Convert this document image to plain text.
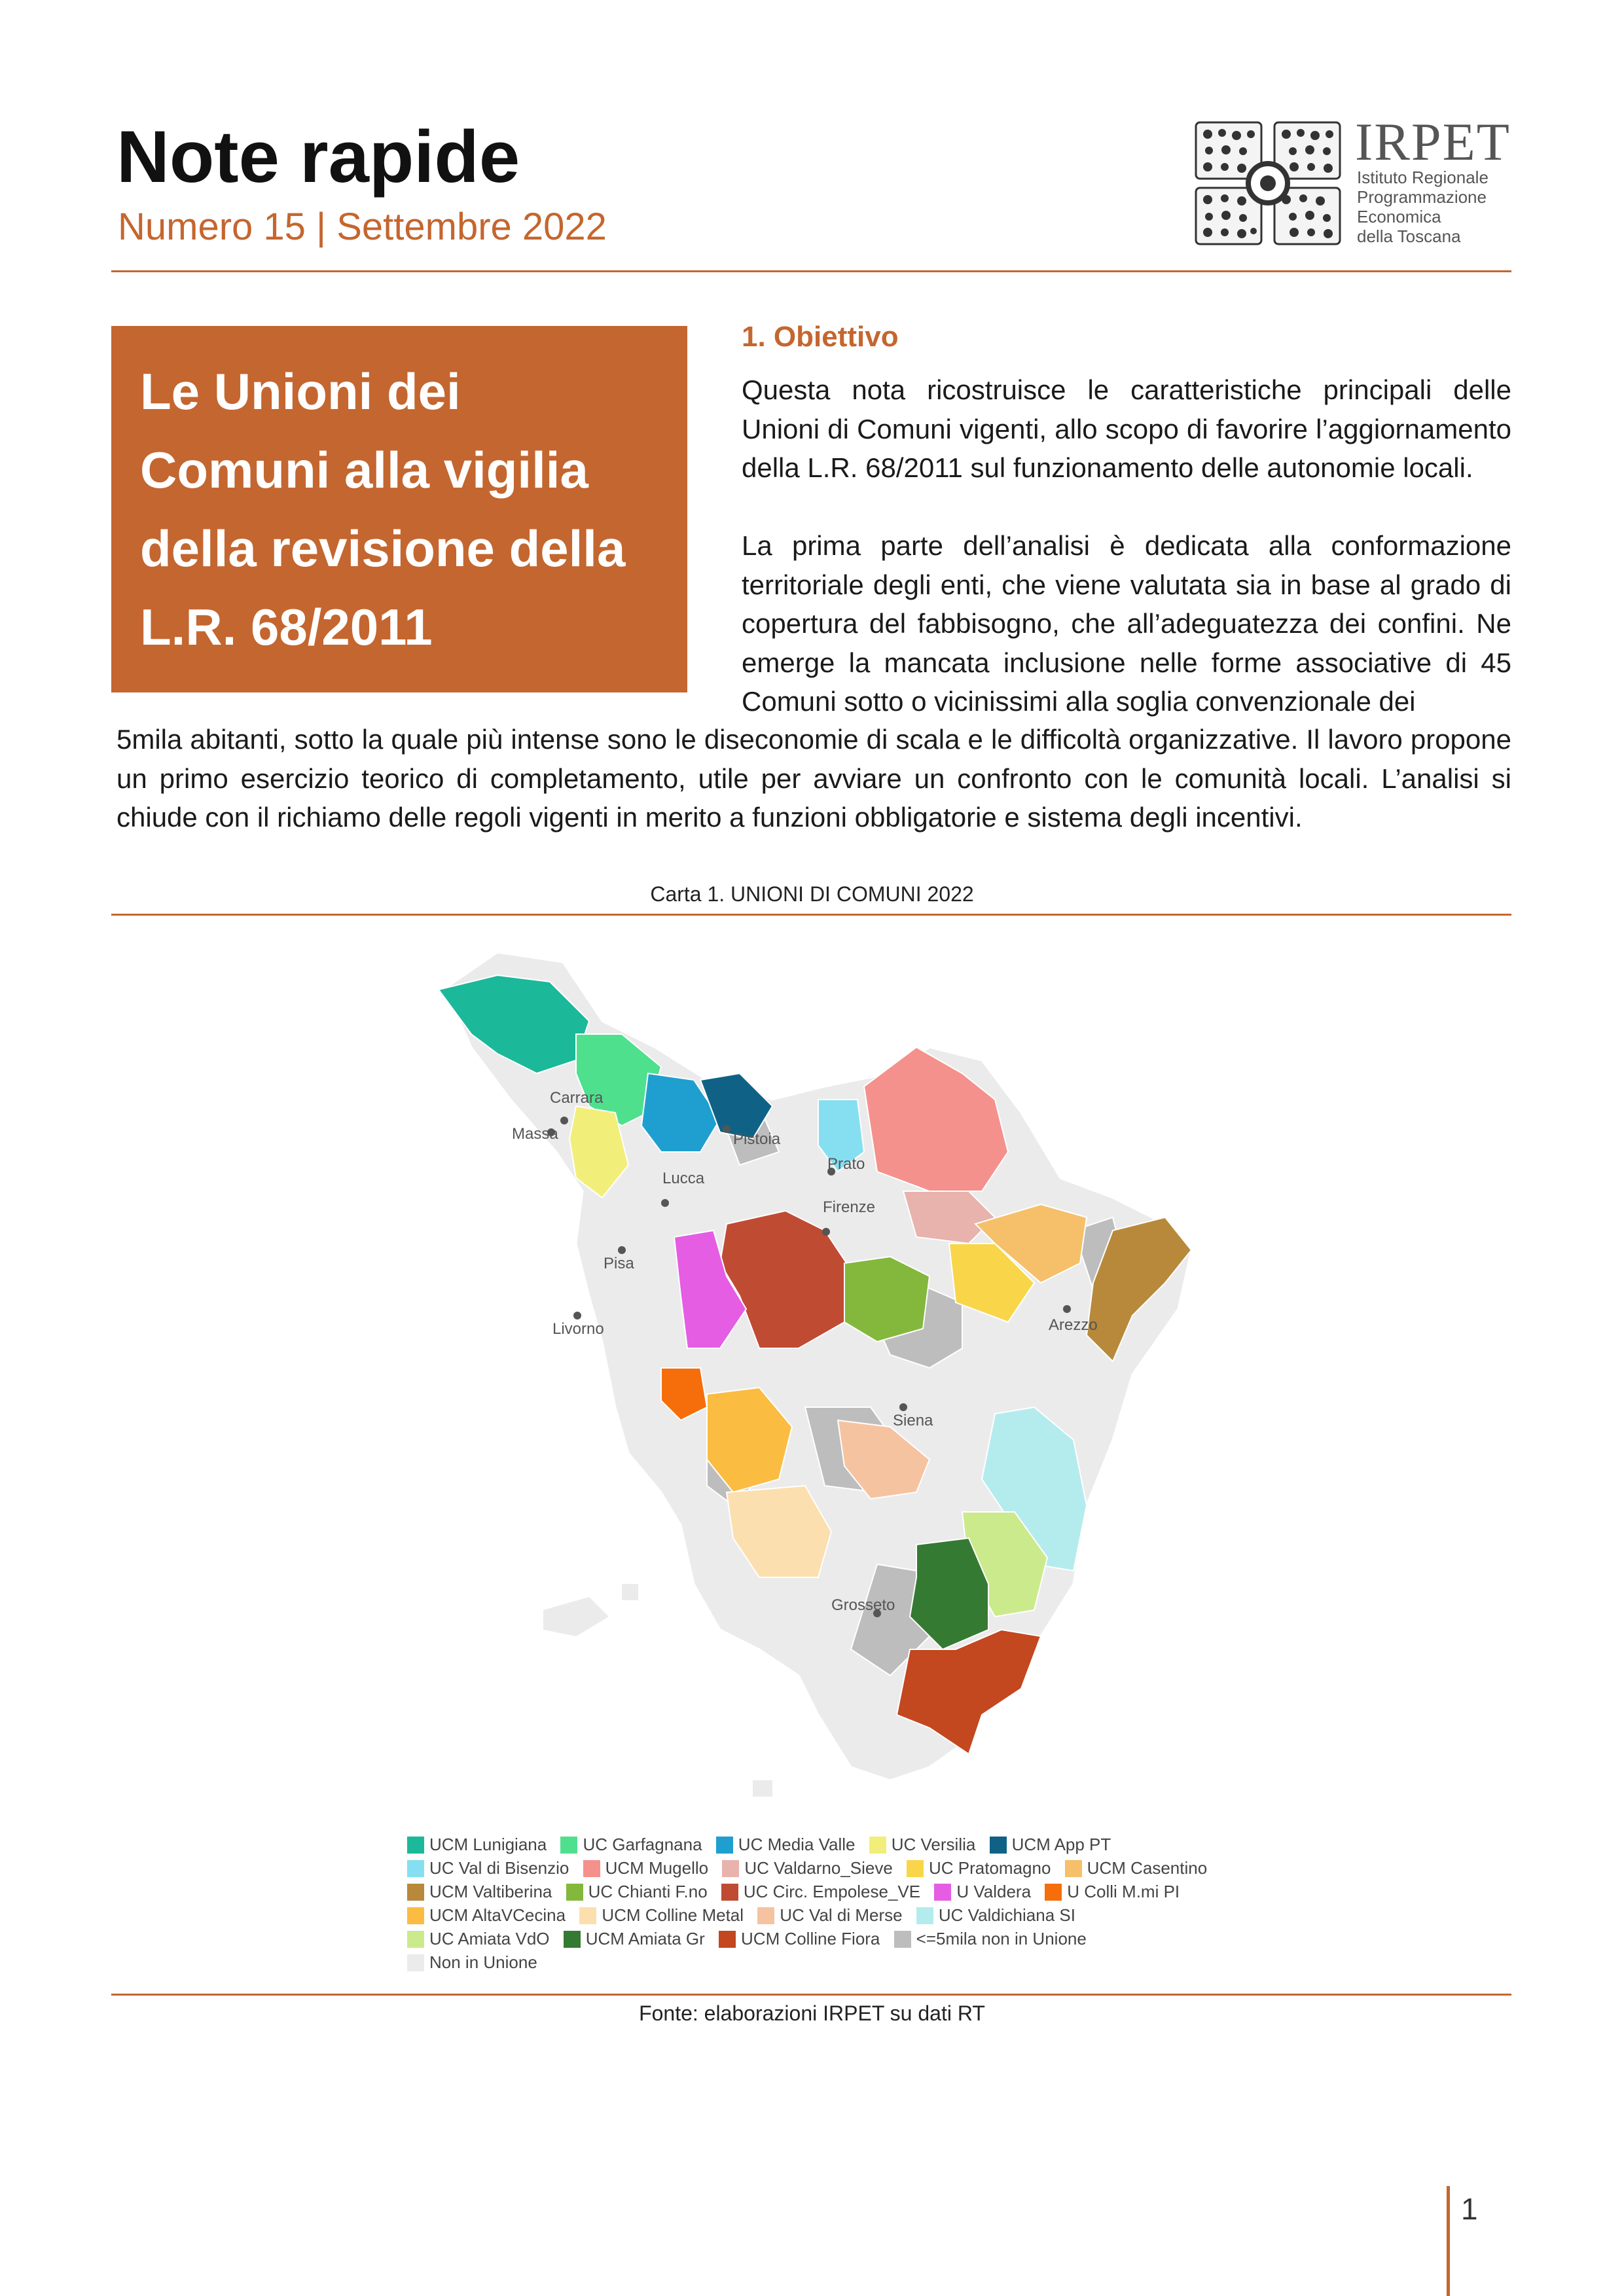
Note rapide
Numero 15 | Settembre 2022
IRPET
Istituto Regionale
Programmazione
Economica
della Toscana
Le Unioni dei
Comuni alla vigilia
della revisione della
L.R. 68/2011
1. Obiettivo

Questa nota ricostruisce le caratteristiche principali delle Unioni di Comuni vigenti, allo scopo di favorire l’aggiornamento della L.R. 68/2011 sul funzionamento delle autonomie locali.

La prima parte dell’analisi è dedicata alla conformazione territoriale degli enti, che viene valutata sia in base al grado di copertura del fabbisogno, che all’adeguatezza dei confini. Ne emerge la mancata inclusione nelle forme associative di 45 Comuni sotto o vicinissimi alla soglia convenzionale dei

5mila abitanti, sotto la quale più intense sono le diseconomie di scala e le difficoltà organizzative. Il lavoro propone un primo esercizio teorico di completamento, utile per avviare un confronto con le comunità locali. L’analisi si chiude con il richiamo delle regoli vigenti in merito a funzioni obbligatorie e sistema degli incentivi.

Carta 1. UNIONI DI COMUNI 2022
Carrara
Massa	Pistoia
Prato
Lucca
Firenze
Pisa
Livorno	Arezzo
Siena
Grosseto
UCM Lunigiana UC Garfagnana UC Media Valle UC Versilia UCM App PT UC Val di Bisenzio UCM Mugello UC Valdarno_Sieve UC Pratomagno UCM Casentino UCM Valtiberina UC Chianti F.no UC Circ. Empolese_VE U Valdera U Colli M.mi PI UCM AltaVCecina UCM Colline Metal UC Val di Merse UC Valdichiana SI UC Amiata VdO UCM Amiata Gr UCM Colline Fiora <=5mila non in Unione Non in Unione
Fonte: elaborazioni IRPET su dati RT
1
